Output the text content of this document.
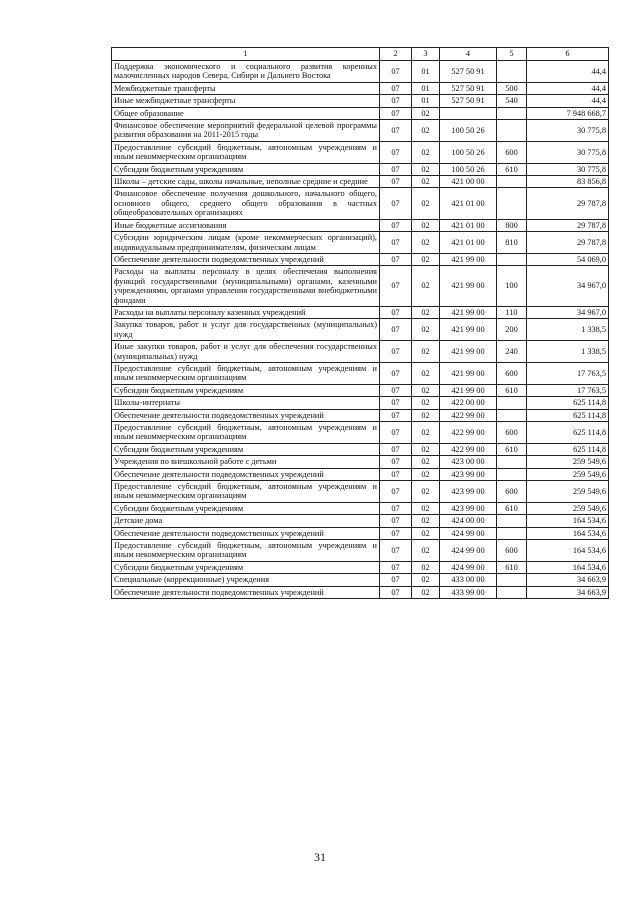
1	2	3	4	5	6
Поддержка экономического и социального развития коренных малочисленных народов Севера, Сибири и Дальнего Востока	07	01	527 50 91		44,4
Межбюджетные трансферты	07	01	527 50 91	500	44,4
Иные межбюджетные трансферты	07	01	527 50 91	540	44,4
Общее образование	07	02			7 948 668,7
Финансовое обеспечение мероприятий федеральной целевой программы развития образования на 2011-2015 годы	07	02	100 50 26		30 775,8
Предоставление субсидий бюджетным, автономным учреждениям и иным некоммерческим организациям	07	02	100 50 26	600	30 775,8
Субсидии бюджетным учреждениям	07	02	100 50 26	610	30 775,8
Школы – детские сады, школы начальные, неполные средние и средние	07	02	421 00 00		83 856,8
Финансовое обеспечение получения дошкольного, начального общего, основного общего, среднего общего образования в частных общеобразовательных организациях	07	02	421 01 00		29 787,8
Иные бюджетные ассигнования	07	02	421 01 00	800	29 787,8
Субсидии юридическим лицам (кроме некоммерческих организаций), индивидуальным предпринимателям, физическим лицам	07	02	421 01 00	810	29 787,8
Обеспечение деятельности подведомственных учреждений	07	02	421 99 00		54 069,0
Расходы на выплаты персоналу в целях обеспечения выполнения функций государственными (муниципальными) органами, казенными учреждениями, органами управления государственными внебюджетными фондами	07	02	421 99 00	100	34 967,0
Расходы на выплаты персоналу казенных учреждений	07	02	421 99 00	110	34 967,0
Закупка товаров, работ и услуг для государственных (муниципальных) нужд	07	02	421 99 00	200	1 338,5
Иные закупки товаров, работ и услуг для обеспечения государственных (муниципальных) нужд	07	02	421 99 00	240	1 338,5
Предоставление субсидий бюджетным, автономным учреждениям и иным некоммерческим организациям	07	02	421 99 00	600	17 763,5
Субсидии бюджетным учреждениям	07	02	421 99 00	610	17 763,5
Школы-интернаты	07	02	422 00 00		625 114,8
Обеспечение деятельности подведомственных учреждений	07	02	422 99 00		625 114,8
Предоставление субсидий бюджетным, автономным учреждениям и иным некоммерческим организациям	07	02	422 99 00	600	625 114,8
Субсидии бюджетным учреждениям	07	02	422 99 00	610	625 114,8
Учреждения по внешкольной работе с детьми	07	02	423 00 00		259 549,6
Обеспечение деятельности подведомственных учреждений	07	02	423 99 00		259 549,6
Предоставление субсидий бюджетным, автономным учреждениям и иным некоммерческим организациям	07	02	423 99 00	600	259 549,6
Субсидии бюджетным учреждениям	07	02	423 99 00	610	259 549,6
Детские дома	07	02	424 00 00		164 534,6
Обеспечение деятельности подведомственных учреждений	07	02	424 99 00		164 534,6
Предоставление субсидий бюджетным, автономным учреждениям и иным некоммерческим организациям	07	02	424 99 00	600	164 534,6
Субсидии бюджетным учреждениям	07	02	424 99 00	610	164 534,6
Специальные (коррекционные) учреждения	07	02	433 00 00		34 663,9
Обеспечение деятельности подведомственных учреждений	07	02	433 99 00		34 663,9
31
